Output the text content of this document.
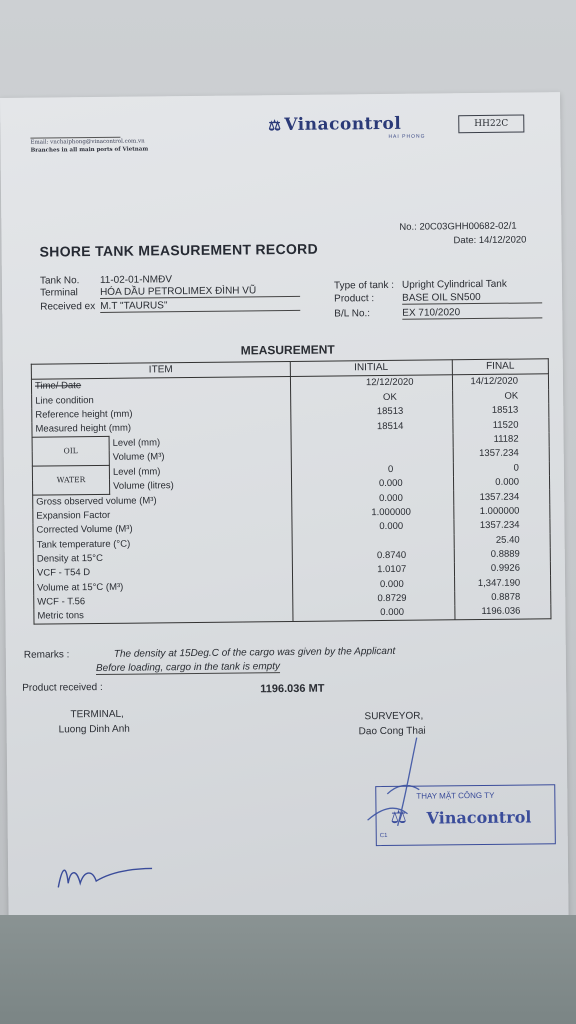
⚖ Vinacontrol
HAI PHONG
HH22C
Email: vnchaiphong@vinacontrol.com.vn
Branches in all main ports of Vietnam
No.: 20C03GHH00682-02/1
Date: 14/12/2020
SHORE TANK MEASUREMENT RECORD
Tank No. 11-02-01-NMĐV
Terminal HÓA DẦU PETROLIMEX ĐÌNH VŨ
Received ex M.T "TAURUS"
Type of tank : Upright Cylindrical Tank
Product :	BASE OIL SN500
B/L No.:	EX 710/2020
MEASUREMENT
ITEM		INITIAL	FINAL
Time/ Date		12/12/2020	14/12/2020
Line condition		OK	OK
Reference height (mm)		18513	18513
Measured height (mm)		18514	11520
OIL	Level (mm)		11182
	Volume (M³)		1357.234
WATER	Level (mm)	0	0
	Volume (litres)	0.000	0.000
Gross observed volume (M³)		0.000	1357.234
Expansion Factor		1.000000	1.000000
Corrected Volume (M³)		0.000	1357.234
Tank temperature (°C)			25.40
Density at 15°C		0.8740	0.8889
VCF - T54 D		1.0107	0.9926
Volume at 15°C (M³)		0.000	1,347.190
WCF - T.56		0.8729	0.8878
Metric tons		0.000	1196.036
Remarks :	The density at 15Deg.C of the cargo was given by the Applicant
Before loading, cargo in the tank is empty
Product received :	1196.036 MT
TERMINAL,
Luong Dinh Anh
SURVEYOR,
Dao Cong Thai
THAY MẶT CÔNG TY
⚖ Vinacontrol
C1
